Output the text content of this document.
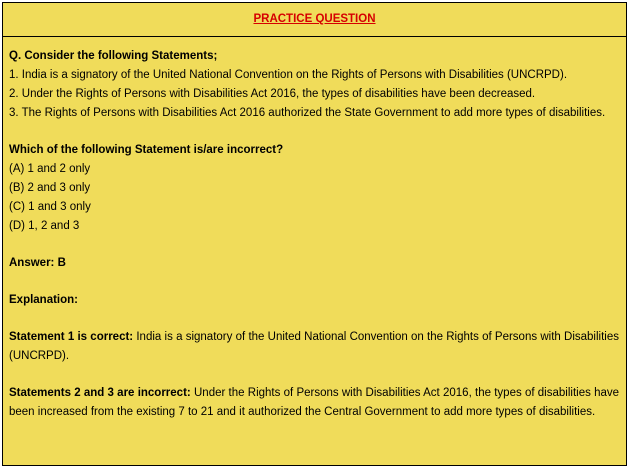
PRACTICE QUESTION

Q. Consider the following Statements;

1. India is a signatory of the United National Convention on the Rights of Persons with Disabilities (UNCRPD).

2. Under the Rights of Persons with Disabilities Act 2016, the types of disabilities have been decreased.

3. The Rights of Persons with Disabilities Act 2016 authorized the State Government to add more types of disabilities.

Which of the following Statement is/are incorrect?

(A) 1 and 2 only

(B) 2 and 3 only

(C) 1 and 3 only

(D) 1, 2 and 3

Answer: B

Explanation:

Statement 1 is correct: India is a signatory of the United National Convention on the Rights of Persons with Disabilities (UNCRPD).

Statements 2 and 3 are incorrect: Under the Rights of Persons with Disabilities Act 2016, the types of disabilities have been increased from the existing 7 to 21 and it authorized the Central Government to add more types of disabilities.
